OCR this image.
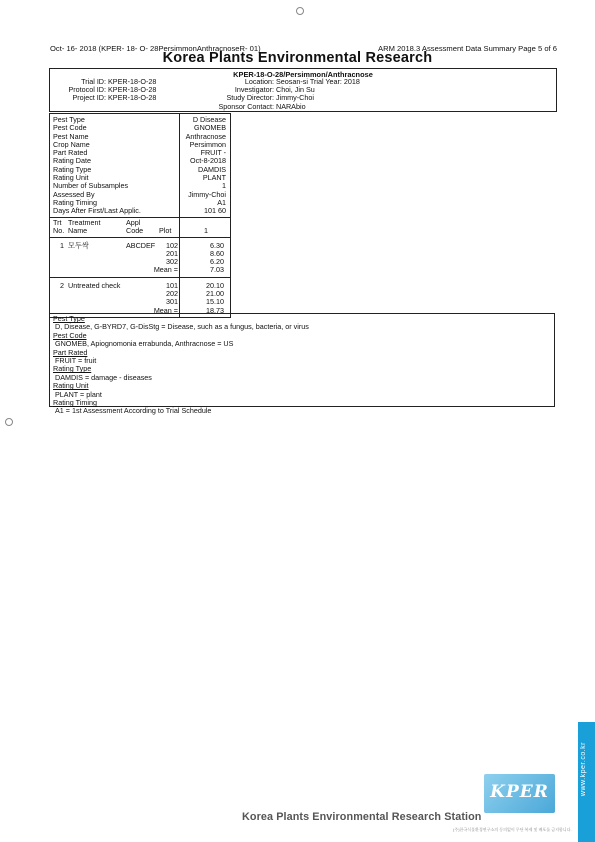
Oct- 16- 2018 (KPER- 18- O- 28PersimmonAnthracnoseR- 01)	ARM 2018.3 Assessment Data Summary Page 5 of 6
Korea Plants Environmental Research
KPER-18-O-28/Persimmon/Anthracnose
Trial ID: KPER-18-O-28
Protocol ID: KPER-18-O-28
Project ID: KPER-18-O-28
Location: Seosan-si Trial Year: 2018
Investigator: Choi, Jin Su
Study Director: Jimmy-Choi
Sponsor Contact: NARAbio
Pest Type	D Disease
Pest Code	GNOMEB
Pest Name	Anthracnose
Crop Name	Persimmon
Part Rated	FRUIT -
Rating Date	Oct-8-2018
Rating Type	DAMDIS
Rating Unit	PLANT
Number of Subsamples	1
Assessed By	Jimmy-Choi
Rating Timing	A1
Days After First/Last Applic.	101 60
Trt Treatment	Appl
No. Name	Code Plot	1
1 모두싹	ABCDEF 102	6.30
201	8.60
302	6.20
Mean =	7.03
2 Untreated check	101	20.10
202	21.00
301	15.10
Mean =	18.73
Pest Type
D, Disease, G-BYRD7, G-DisStg = Disease, such as a fungus, bacteria, or virus
Pest Code
GNOMEB, Apiognomonia errabunda, Anthracnose = US
Part Rated
FRUIT = fruit
Rating Type
DAMDIS = damage - diseases
Rating Unit
PLANT = plant
Rating Timing
A1 = 1st Assessment According to Trial Schedule
KPER
Korea Plants Environmental Research Station
(주)한국식물환경연구소의 동의없이 무단 복제 및 배포를 금지합니다.
www.kper.co.kr
